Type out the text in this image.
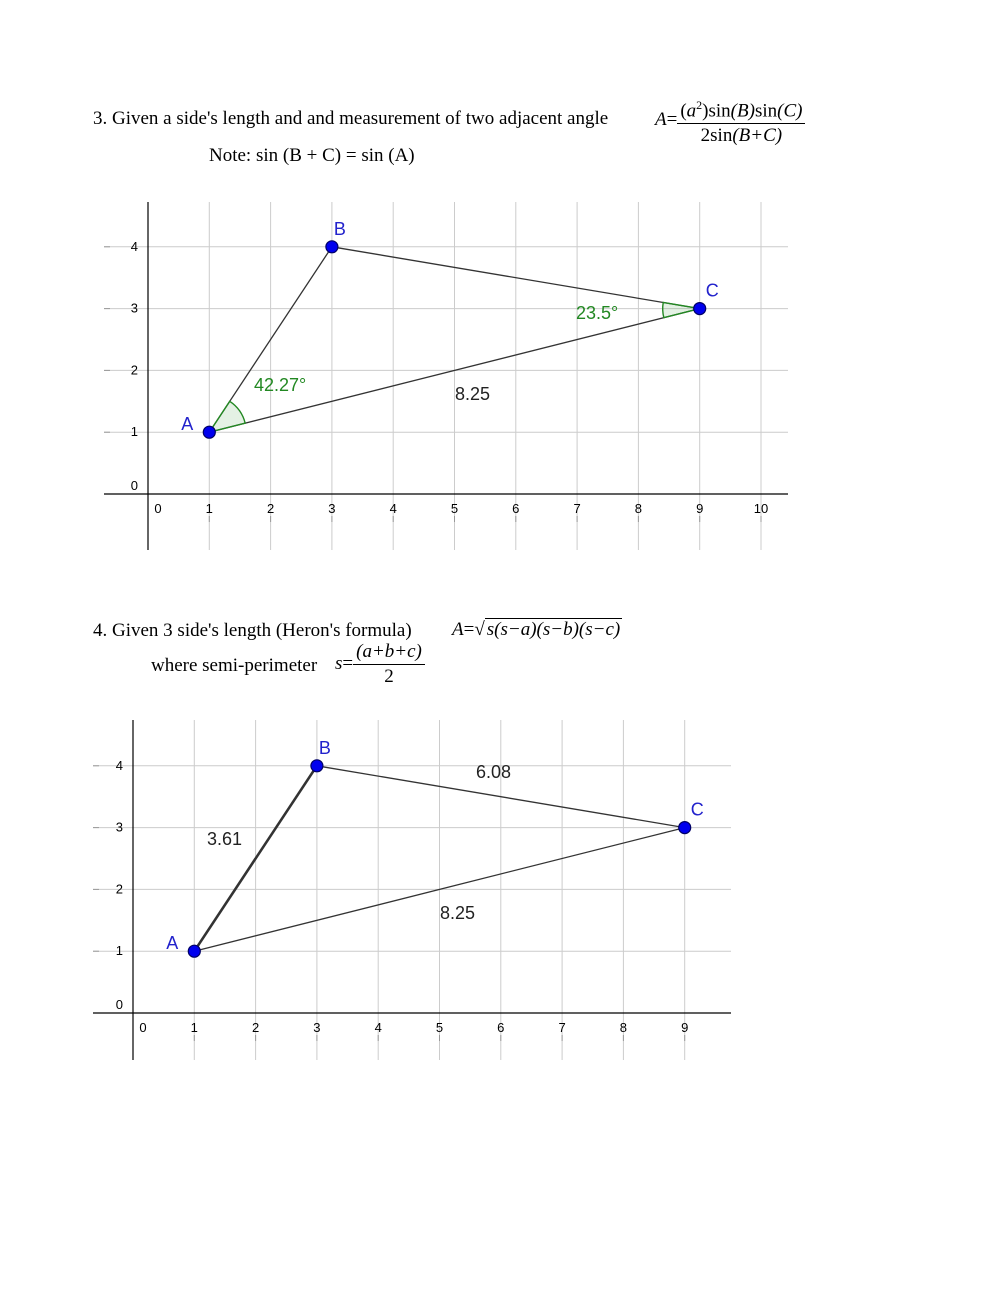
3. Given a side's length and and measurement of two adjacent angle $A= \frac{(a^2)\sin(B)\sin(C)}{2\sin(B+C)}$
Note: sin (B + C) = sin (A)
0	1	2	3	4	5	6	7	8	9	10
0
1
2
3
4
A
B
C
8.25
42.27°
23.5°
4. Given 3 side's length (Heron's formula) A=√ s(s−a)(s−b)(s−c)
where semi-perimeter $s= \frac{(a+b+c)}{2}$
0	1	2	3	4	5	6	7	8	9
0
1
2
3
4
A
B
C
3.61
6.08
8.25
